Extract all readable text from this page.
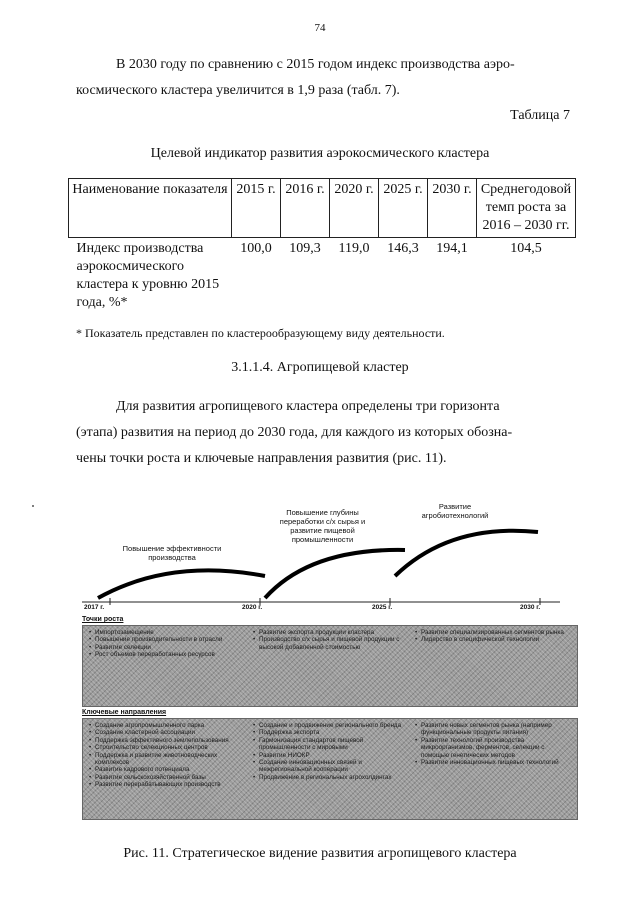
74
В 2030 году по сравнению с 2015 годом индекс производства аэро-
космического кластера увеличится в 1,9 раза (табл. 7).
Таблица 7
Целевой индикатор развития аэрокосмического кластера
Наименование показателя	2015 г.	2016 г.	2020 г.	2025 г.	2030 г.	Среднегодовой темп роста за 2016 – 2030 гг.
Индекс производства аэрокосмического кластера к уровню 2015 года, %*	100,0	109,3	119,0	146,3	194,1	104,5
* Показатель представлен по кластерообразующему виду деятельности.
3.1.1.4. Агропищевой кластер
Для развития агропищевого кластера определены три горизонта
(этапа) развития на период до 2030 года, для каждого из которых обозна-
чены точки роста и ключевые направления развития (рис. 11).
Повышение эффективности производства
Повышение глубины переработки с/х сырья и развитие пищевой промышленности
Развитие агробиотехнологий
2017 г.	2020 г.	2025 г.	2030 г.
Точки роста
• Импортозамещение
• Повышение производительности в отрасли
• Развитие селекции
• Рост объемов переработанных ресурсов
• Развитие экспорта продукции кластера
• Производство с/х сырья и пищевой продукции с высокой добавленной стоимостью
• Развитие специализированных сегментов рынка
• Лидерство в специфической технологии
Ключевые направления
• Создание агропромышленного парка
• Создание кластерной ассоциации
• Поддержка эффективного землепользования
• Строительство селекционных центров
• Поддержка и развитие животноводческих комплексов
• Развитие кадрового потенциала
• Развитие сельскохозяйственной базы
• Развитие перерабатывающих производств
• Создание и продвижение регионального бренда
• Поддержка экспорта
• Гармонизация стандартов пищевой промышленности с мировыми
• Развитие НИОКР
• Создание инновационных связей и межрегиональной кооперации
• Продвижение в региональных агрохолдингах
• Развитие новых сегментов рынка (например функциональные продукты питания)
• Развитие технологий производства микроорганизмов, ферментов, селекции с помощью генетических методов
• Развитие инновационных пищевых технологий
Рис. 11. Стратегическое видение развития агропищевого кластера
